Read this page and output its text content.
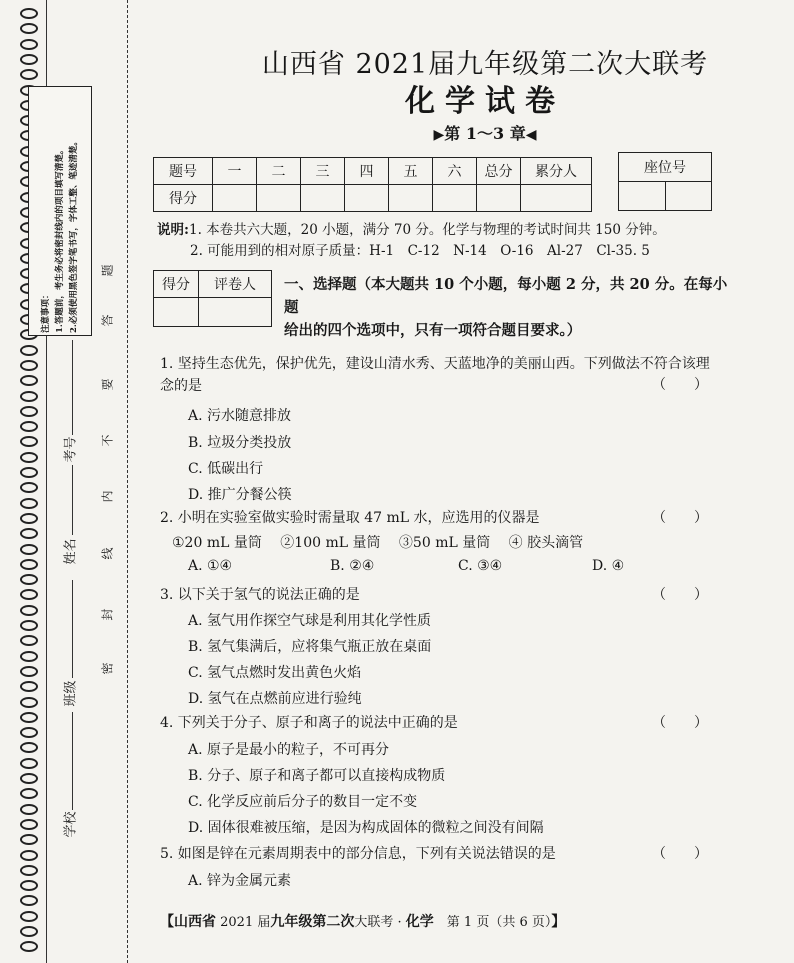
注意事项： 1.答题前，考生务必将密封线内的项目填写清楚。 2.必须使用黑色签字笔书写，字体工整、笔迹清楚。
考号
姓名
班级
学校
题
答
要
不
内
线
封
密
山西省 2021届九年级第二次大联考
化学试卷
▶第 1～3 章◀
题号	一	二	三	四	五	六	总分	累分人
得分								
座位号

说明:1. 本卷共六大题，20 小题，满分 70 分。化学与物理的考试时间共 150 分钟。
2. 可能用到的相对原子质量：H-1　C-12　N-14　O-16　Al-27　Cl-35. 5
得分	评卷人
	一、选择题（本大题共 10 个小题，每小题 2 分，共 20 分。在每小题
给出的四个选项中，只有一项符合题目要求。）
1. 坚持生态优先，保护优先，建设山清水秀、天蓝地净的美丽山西。下列做法不符合该理
念的是	（　　）
A. 污水随意排放
B. 垃圾分类投放
C. 低碳出行
D. 推广分餐公筷
2. 小明在实验室做实验时需量取 47 mL 水，应选用的仪器是	（　　）
①20 mL 量筒　 ②100 mL 量筒　 ③50 mL 量筒　 ④ 胶头滴管
A. ①④	B. ②④	C. ③④	D. ④
3. 以下关于氢气的说法正确的是	（　　）
A. 氢气用作探空气球是利用其化学性质
B. 氢气集满后，应将集气瓶正放在桌面
C. 氢气点燃时发出黄色火焰
D. 氢气在点燃前应进行验纯
4. 下列关于分子、原子和离子的说法中正确的是	（　　）
A. 原子是最小的粒子，不可再分
B. 分子、原子和离子都可以直接构成物质
C. 化学反应前后分子的数目一定不变
D. 固体很难被压缩，是因为构成固体的微粒之间没有间隔
5. 如图是锌在元素周期表中的部分信息，下列有关说法错误的是	（　　）
A. 锌为金属元素
【山西省 2021 届九年级第二次大联考 · 化学　第 1 页（共 6 页）】
